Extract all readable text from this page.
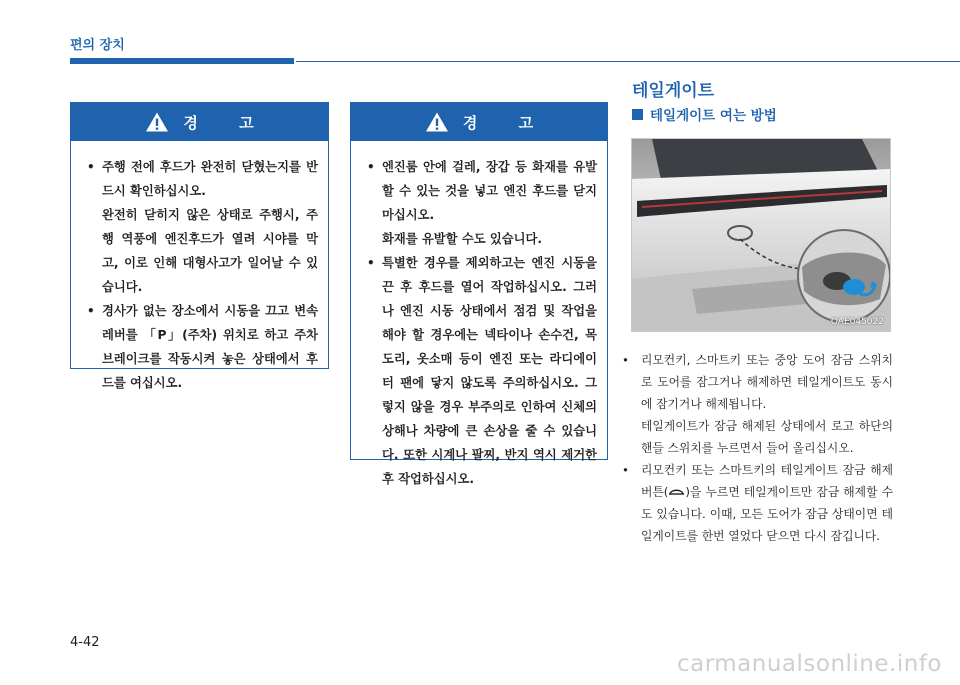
편의 장치
경 고

• 주행 전에 후드가 완전히 닫혔는지를 반드시 확인하십시오.

완전히 닫히지 않은 상태로 주행시, 주행 역풍에 엔진후드가 열려 시야를 막고, 이로 인해 대형사고가 일어날 수 있습니다.

• 경사가 없는 장소에서 시동을 끄고 변속레버를 「P」(주차) 위치로 하고 주차 브레이크를 작동시켜 놓은 상태에서 후드를 여십시오.

경 고

• 엔진룸 안에 걸레, 장갑 등 화재를 유발할 수 있는 것을 넣고 엔진 후드를 닫지 마십시오.

화재를 유발할 수도 있습니다.

• 특별한 경우를 제외하고는 엔진 시동을 끈 후 후드를 열어 작업하십시오. 그러나 엔진 시동 상태에서 점검 및 작업을 해야 할 경우에는 넥타이나 손수건, 목도리, 옷소매 등이 엔진 또는 라디에이터 팬에 닿지 않도록 주의하십시오. 그렇지 않을 경우 부주의로 인하여 신체의 상해나 차량에 큰 손상을 줄 수 있습니다. 또한 시계나 팔찌, 반지 역시 제거한 후 작업하십시오.

테일게이트
테일게이트 여는 방법
OAE045022

• 리모컨키, 스마트키 또는 중앙 도어 잠금 스위치로 도어를 잠그거나 해제하면 테일게이트도 동시에 잠기거나 해제됩니다.

테일게이트가 잠금 해제된 상태에서 로고 하단의 핸들 스위치를 누르면서 들어 올리십시오.

• 리모컨키 또는 스마트키의 테일게이트 잠금 해제 버튼( )을 누르면 테일게이트만 잠금 해제할 수도 있습니다. 이때, 모든 도어가 잠금 상태이면 테일게이트를 한번 열었다 닫으면 다시 잠깁니다.

4-42
carmanualsonline.info
